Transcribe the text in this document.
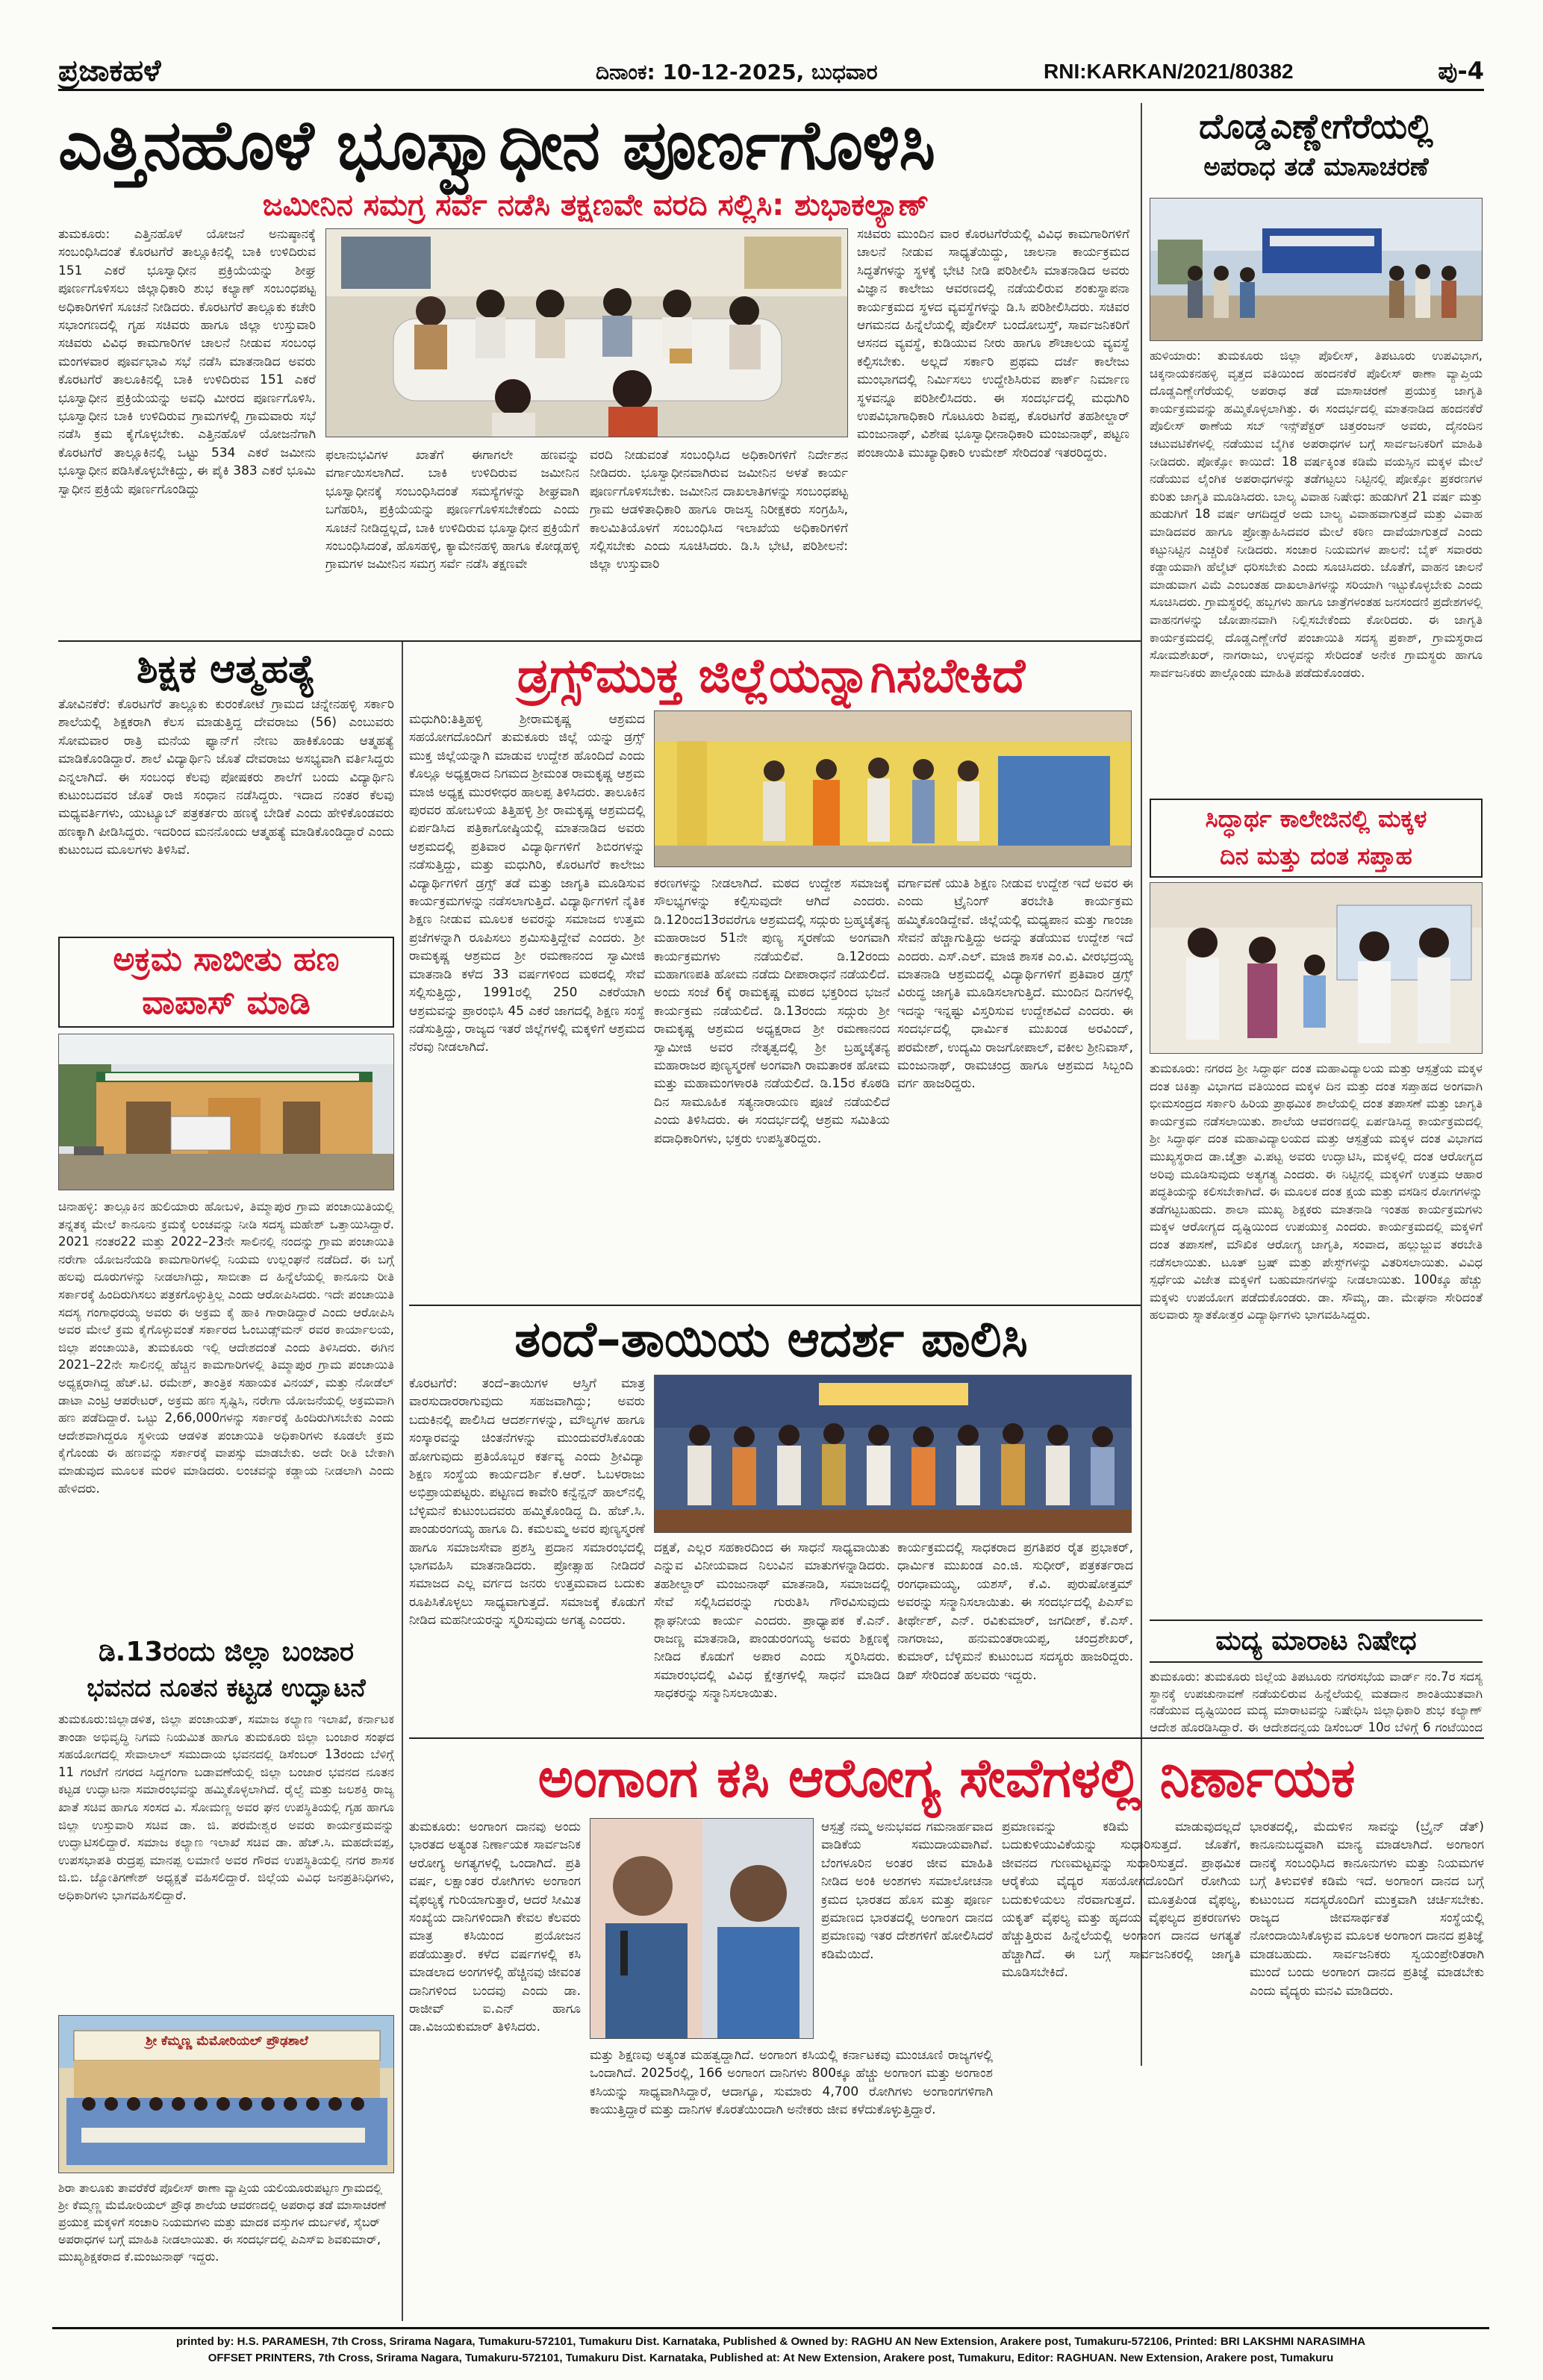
ಪ್ರಜಾಕಹಳೆ	ದಿನಾಂಕ: 10-12-2025, ಬುಧವಾರ	RNI:KARKAN/2021/80382	ಪು-4
ಎತ್ತಿನಹೊಳೆ ಭೂಸ್ವಾಧೀನ ಪೂರ್ಣಗೊಳಿಸಿ
ಜಮೀನಿನ ಸಮಗ್ರ ಸರ್ವೆ ನಡೆಸಿ ತಕ್ಷಣವೇ ವರದಿ ಸಲ್ಲಿಸಿ: ಶುಭಾಕಲ್ಯಾಣ್
ತುಮಕೂರು: ಎತ್ತಿನಹೊಳೆ ಯೋಜನೆ ಅನುಷ್ಠಾನಕ್ಕೆ ಸಂಬಂಧಿಸಿದಂತೆ ಕೊರಟಗೆರೆ ತಾಲ್ಲೂಕಿನಲ್ಲಿ ಬಾಕಿ ಉಳಿದಿರುವ 151 ಎಕರೆ ಭೂಸ್ವಾಧೀನ ಪ್ರಕ್ರಿಯೆಯನ್ನು ಶೀಘ್ರ ಪೂರ್ಣಗೊಳಿಸಲು ಜಿಲ್ಲಾಧಿಕಾರಿ ಶುಭ ಕಲ್ಯಾಣ್ ಸಂಬಂಧಪಟ್ಟ ಅಧಿಕಾರಿಗಳಿಗೆ ಸೂಚನೆ ನೀಡಿದರು. ಕೊರಟಗೆರೆ ತಾಲ್ಲೂಕು ಕಚೇರಿ ಸಭಾಂಗಣದಲ್ಲಿ ಗೃಹ ಸಚಿವರು ಹಾಗೂ ಜಿಲ್ಲಾ ಉಸ್ತುವಾರಿ ಸಚಿವರು ವಿವಿಧ ಕಾಮಗಾರಿಗಳ ಚಾಲನೆ ನೀಡುವ ಸಂಬಂಧ ಮಂಗಳವಾರ ಪೂರ್ವಭಾವಿ ಸಭೆ ನಡೆಸಿ ಮಾತನಾಡಿದ ಅವರು ಕೊರಟಗೆರೆ ತಾಲೂಕಿನಲ್ಲಿ ಬಾಕಿ ಉಳಿದಿರುವ 151 ಎಕರೆ ಭೂಸ್ವಾಧೀನ ಪ್ರಕ್ರಿಯೆಯನ್ನು ಅವಧಿ ಮೀರದ ಪೂರ್ಣಗೊಳಿಸಿ. ಭೂಸ್ವಾಧೀನ ಬಾಕಿ ಉಳಿದಿರುವ ಗ್ರಾಮಗಳಲ್ಲಿ ಗ್ರಾಮವಾರು ಸಭೆ ನಡೆಸಿ ಕ್ರಮ ಕೈಗೊಳ್ಳಬೇಕು. ಎತ್ತಿನಹೊಳೆ ಯೋಜನೆಗಾಗಿ ಕೊರಟಗೆರೆ ತಾಲ್ಲೂಕಿನಲ್ಲಿ ಒಟ್ಟು 534 ಎಕರೆ ಜಮೀನು ಭೂಸ್ವಾಧೀನ ಪಡಿಸಿಕೊಳ್ಳಬೇಕಿದ್ದು, ಈ ಪೈಕಿ 383 ಎಕರೆ ಭೂಮಿ ಸ್ವಾಧೀನ ಪ್ರಕ್ರಿಯೆ ಪೂರ್ಣಗೊಂಡಿದ್ದು
ಫಲಾನುಭವಿಗಳ ಖಾತೆಗೆ ಈಗಾಗಲೇ ಹಣವನ್ನು ವರ್ಗಾಯಿಸಲಾಗಿದೆ. ಬಾಕಿ ಉಳಿದಿರುವ ಜಮೀನಿನ ಭೂಸ್ವಾಧೀನಕ್ಕೆ ಸಂಬಂಧಿಸಿದಂತೆ ಸಮಸ್ಯೆಗಳನ್ನು ಶೀಘ್ರವಾಗಿ ಬಗೆಹರಿಸಿ, ಪ್ರಕ್ರಿಯೆಯನ್ನು ಪೂರ್ಣಗೊಳಿಸಬೇಕೆಂದು ಎಂದು ಸೂಚನೆ ನೀಡಿದ್ದಲ್ಲದೆ, ಬಾಕಿ ಉಳಿದಿರುವ ಭೂಸ್ವಾಧೀನ ಪ್ರಕ್ರಿಯೆಗೆ ಸಂಬಂಧಿಸಿದಂತೆ, ಹೊಸಹಳ್ಳಿ, ಕ್ಯಾಮೇನಹಳ್ಳಿ ಹಾಗೂ ಕೋಡ್ಲಹಳ್ಳಿ ಗ್ರಾಮಗಳ ಜಮೀನಿನ ಸಮಗ್ರ ಸರ್ವೆ ನಡೆಸಿ ತಕ್ಷಣವೇ
ವರದಿ ನೀಡುವಂತೆ ಸಂಬಂಧಿಸಿದ ಅಧಿಕಾರಿಗಳಿಗೆ ನಿರ್ದೇಶನ ನೀಡಿದರು. ಭೂಸ್ವಾಧೀನವಾಗಿರುವ ಜಮೀನಿನ ಅಳತೆ ಕಾರ್ಯ ಪೂರ್ಣಗೊಳಿಸಬೇಕು. ಜಮೀನಿನ ದಾಖಲಾತಿಗಳನ್ನು ಸಂಬಂಧಪಟ್ಟ ಗ್ರಾಮ ಆಡಳಿತಾಧಿಕಾರಿ ಹಾಗೂ ರಾಜಸ್ವ ನಿರೀಕ್ಷಕರು ಸಂಗ್ರಹಿಸಿ, ಕಾಲಮಿತಿಯೊಳಗೆ ಸಂಬಂಧಿಸಿದ ಇಲಾಖೆಯ ಅಧಿಕಾರಿಗಳಿಗೆ ಸಲ್ಲಿಸಬೇಕು ಎಂದು ಸೂಚಿಸಿದರು. ಡಿ.ಸಿ ಭೇಟಿ, ಪರಿಶೀಲನೆ: ಜಿಲ್ಲಾ ಉಸ್ತುವಾರಿ
ಸಚಿವರು ಮುಂದಿನ ವಾರ ಕೊರಟಗೆರೆಯಲ್ಲಿ ವಿವಿಧ ಕಾಮಗಾರಿಗಳಿಗೆ ಚಾಲನೆ ನೀಡುವ ಸಾಧ್ಯತೆಯಿದ್ದು, ಚಾಲನಾ ಕಾರ್ಯಕ್ರಮದ ಸಿದ್ಧತೆಗಳನ್ನು ಸ್ಥಳಕ್ಕೆ ಭೇಟಿ ನೀಡಿ ಪರಿಶೀಲಿಸಿ ಮಾತನಾಡಿದ ಅವರು ವಿಜ್ಞಾನ ಕಾಲೇಜು ಆವರಣದಲ್ಲಿ ನಡೆಯಲಿರುವ ಶಂಕುಸ್ಥಾಪನಾ ಕಾರ್ಯಕ್ರಮದ ಸ್ಥಳದ ವ್ಯವಸ್ಥೆಗಳನ್ನು ಡಿ.ಸಿ ಪರಿಶೀಲಿಸಿದರು. ಸಚಿವರ ಆಗಮನದ ಹಿನ್ನೆಲೆಯಲ್ಲಿ ಪೊಲೀಸ್ ಬಂದೋಬಸ್ತ್, ಸಾರ್ವಜನಿಕರಿಗೆ ಆಸನದ ವ್ಯವಸ್ಥೆ, ಕುಡಿಯುವ ನೀರು ಹಾಗೂ ಶೌಚಾಲಯ ವ್ಯವಸ್ಥೆ ಕಲ್ಪಿಸಬೇಕು. ಅಲ್ಲದೆ ಸರ್ಕಾರಿ ಪ್ರಥಮ ದರ್ಜೆ ಕಾಲೇಜು ಮುಂಭಾಗದಲ್ಲಿ ನಿರ್ಮಿಸಲು ಉದ್ದೇಶಿಸಿರುವ ಪಾರ್ಕ್ ನಿರ್ಮಾಣ ಸ್ಥಳವನ್ನೂ ಪರಿಶೀಲಿಸಿದರು. ಈ ಸಂದರ್ಭದಲ್ಲಿ ಮಧುಗಿರಿ ಉಪವಿಭಾಗಾಧಿಕಾರಿ ಗೊಟೂರು ಶಿವಪ್ಪ, ಕೊರಟಗೆರೆ ತಹಶೀಲ್ದಾರ್ ಮಂಜುನಾಥ್, ವಿಶೇಷ ಭೂಸ್ವಾಧೀನಾಧಿಕಾರಿ ಮಂಜುನಾಥ್, ಪಟ್ಟಣ ಪಂಚಾಯಿತಿ ಮುಖ್ಯಾಧಿಕಾರಿ ಉಮೇಶ್ ಸೇರಿದಂತೆ ಇತರರಿದ್ದರು.
ದೊಡ್ಡಎಣ್ಣೇಗೆರೆಯಲ್ಲಿ
ಅಪರಾಧ ತಡೆ ಮಾಸಾಚರಣೆ
ಹುಳಿಯಾರು: ತುಮಕೂರು ಜಿಲ್ಲಾ ಪೊಲೀಸ್, ತಿಪಟೂರು ಉಪವಿಭಾಗ, ಚಿಕ್ಕನಾಯಕನಹಳ್ಳಿ ವೃತ್ತದ ವತಿಯಿಂದ ಹಂದನಕೆರೆ ಪೊಲೀಸ್ ಠಾಣಾ ವ್ಯಾಪ್ತಿಯ ದೊಡ್ಡಎಣ್ಣೇಗೆರೆಯಲ್ಲಿ ಅಪರಾಧ ತಡೆ ಮಾಸಾಚರಣೆ ಪ್ರಯುಕ್ತ ಜಾಗೃತಿ ಕಾರ್ಯಕ್ರಮವನ್ನು ಹಮ್ಮಿಕೊಳ್ಳಲಾಗಿತ್ತು. ಈ ಸಂದರ್ಭದಲ್ಲಿ ಮಾತನಾಡಿದ ಹಂದನಕೆರೆ ಪೊಲೀಸ್ ಠಾಣೆಯ ಸಬ್ ಇನ್ಸ್‌ಪೆಕ್ಟರ್ ಚಿತ್ತರಂಜನ್ ಅವರು, ದೈನಂದಿನ ಚಟುವಟಿಕೆಗಳಲ್ಲಿ ನಡೆಯುವ ಬೈಗಿಕ ಅಪರಾಧಗಳ ಬಗ್ಗೆ ಸಾರ್ವಜನಿಕರಿಗೆ ಮಾಹಿತಿ ನೀಡಿದರು. ಪೋಕ್ಸೋ ಕಾಯಿದೆ: 18 ವರ್ಷಕ್ಕಿಂತ ಕಡಿಮೆ ವಯಸ್ಸಿನ ಮಕ್ಕಳ ಮೇಲೆ ನಡೆಯುವ ಲೈಂಗಿಕ ಅಪರಾಧಗಳನ್ನು ತಡೆಗಟ್ಟಲು ನಿಟ್ಟಿನಲ್ಲಿ ಪೋಕ್ಸೋ ಪ್ರಕರಣಗಳ ಕುರಿತು ಜಾಗೃತಿ ಮೂಡಿಸಿದರು. ಬಾಲ್ಯ ವಿವಾಹ ನಿಷೇಧ: ಹುಡುಗಿಗೆ 21 ವರ್ಷ ಮತ್ತು ಹುಡುಗಿಗೆ 18 ವರ್ಷ ಆಗದಿದ್ದರೆ ಅದು ಬಾಲ್ಯ ವಿವಾಹವಾಗುತ್ತದೆ ಮತ್ತು ವಿವಾಹ ಮಾಡಿದವರ ಹಾಗೂ ಪ್ರೋತ್ಸಾಹಿಸಿದವರ ಮೇಲೆ ಕಠಿಣ ದಾವೆಯಾಗುತ್ತದೆ ಎಂದು ಕಟ್ಟುನಿಟ್ಟಿನ ಎಚ್ಚರಿಕೆ ನೀಡಿದರು. ಸಂಚಾರ ನಿಯಮಗಳ ಪಾಲನೆ: ಬೈಕ್ ಸವಾರರು ಕಡ್ಡಾಯವಾಗಿ ಹೆಲ್ಮೆಟ್ ಧರಿಸಬೇಕು ಎಂದು ಸೂಚಿಸಿದರು. ಜೊತೆಗೆ, ವಾಹನ ಚಾಲನೆ ಮಾಡುವಾಗ ವಿಮೆ ಎಂಬಂತಹ ದಾಖಲಾತಿಗಳನ್ನು ಸರಿಯಾಗಿ ಇಟ್ಟುಕೊಳ್ಳಬೇಕು ಎಂದು ಸೂಚಿಸಿದರು. ಗ್ರಾಮಸ್ಥರಲ್ಲಿ ಹಬ್ಬಗಳು ಹಾಗೂ ಜಾತ್ರೆಗಳಂತಹ ಜನಸಂದಣಿ ಪ್ರದೇಶಗಳಲ್ಲಿ ವಾಹನಗಳನ್ನು ಜೋಪಾನವಾಗಿ ನಿಲ್ಲಿಸಬೇಕೆಂದು ಕೋರಿದರು. ಈ ಜಾಗೃತಿ ಕಾರ್ಯಕ್ರಮದಲ್ಲಿ ದೊಡ್ಡಎಣ್ಣೇಗೆರೆ ಪಂಚಾಯಿತಿ ಸದಸ್ಯ ಪ್ರಕಾಶ್, ಗ್ರಾಮಸ್ಥರಾದ ಸೋಮಶೇಖರ್, ನಾಗರಾಜು, ಉಳ್ಳವನ್ನು ಸೇರಿದಂತೆ ಅನೇಕ ಗ್ರಾಮಸ್ಥರು ಹಾಗೂ ಸಾರ್ವಜನಿಕರು ಪಾಲ್ಗೊಂಡು ಮಾಹಿತಿ ಪಡೆದುಕೊಂಡರು.
ಶಿಕ್ಷಕ ಆತ್ಮಹತ್ಯೆ
ತೋವಿನಕೆರೆ: ಕೊರಟಗೆರೆ ತಾಲ್ಲೂಕು ಕುರಂಕೋಟೆ ಗ್ರಾಮದ ಚನ್ನೇನಹಳ್ಳಿ ಸರ್ಕಾರಿ ಶಾಲೆಯಲ್ಲಿ ಶಿಕ್ಷಕರಾಗಿ ಕೆಲಸ ಮಾಡುತ್ತಿದ್ದ ದೇವರಾಜು (56) ಎಂಬುವರು ಸೋಮವಾರ ರಾತ್ರಿ ಮನೆಯ ಫ್ಯಾನ್‌ಗೆ ನೇಣು ಹಾಕಿಕೊಂಡು ಆತ್ಮಹತ್ಯೆ ಮಾಡಿಕೊಂಡಿದ್ದಾರೆ. ಶಾಲೆ ವಿದ್ಯಾರ್ಥಿನಿ ಜೊತೆ ದೇವರಾಜು ಅಸಭ್ಯವಾಗಿ ವರ್ತಿಸಿದ್ದರು ಎನ್ನಲಾಗಿದೆ. ಈ ಸಂಬಂಧ ಕೆಲವು ಪೋಷಕರು ಶಾಲೆಗೆ ಬಂದು ವಿದ್ಯಾರ್ಥಿನಿ ಕುಟುಂಬದವರ ಜೊತೆ ರಾಜಿ ಸಂಧಾನ ನಡೆಸಿದ್ದರು. ಇದಾದ ನಂತರ ಕೆಲವು ಮಧ್ಯವರ್ತಿಗಳು, ಯುಟ್ಯೂಬ್ ಪತ್ರಕರ್ತರು ಹಣಕ್ಕೆ ಬೇಡಿಕೆ ಎಂದು ಹೇಳಿಕೊಂಡವರು ಹಣಕ್ಕಾಗಿ ಪೀಡಿಸಿದ್ದರು. ಇದರಿಂದ ಮನನೊಂದು ಆತ್ಮಹತ್ಯೆ ಮಾಡಿಕೊಂಡಿದ್ದಾರೆ ಎಂದು ಕುಟುಂಬದ ಮೂಲಗಳು ತಿಳಿಸಿವೆ.
ಅಕ್ರಮ ಸಾಬೀತು ಹಣ
ವಾಪಾಸ್ ಮಾಡಿ
ಚಿನಾಹಳ್ಳಿ: ತಾಲ್ಲೂಕಿನ ಹುಲಿಯಾರು ಹೋಬಳಿ, ತಿಮ್ಮಾಪುರ ಗ್ರಾಮ ಪಂಚಾಯಿತಿಯಲ್ಲಿ ತನ್ನತಕ್ಕ ಮೇಲೆ ಕಾನೂನು ಕ್ರಮಕ್ಕೆ ಲಂಚವನ್ನು ನೀಡಿ ಸದಸ್ಯ ಮಹೇಶ್ ಒತ್ತಾಯಿಸಿದ್ದಾರೆ. 2021 ನಂತರ22 ಮತ್ತು 2022–23ನೇ ಸಾಲಿನಲ್ಲಿ ನಂದನ್ನು ಗ್ರಾಮ ಪಂಚಾಯಿತಿ ನರೇಗಾ ಯೋಜನೆಯಡಿ ಕಾಮಗಾರಿಗಳಲ್ಲಿ ನಿಯಮ ಉಲ್ಲಂಘನೆ ನಡೆದಿದೆ. ಈ ಬಗ್ಗೆ ಹಲವು ದೂರುಗಳನ್ನು ನೀಡಲಾಗಿದ್ದು, ಸಾಬೀತಾ ದ ಹಿನ್ನೆಲೆಯಲ್ಲಿ ಕಾನೂನು ರೀತಿ ಸರ್ಕಾರಕ್ಕೆ ಹಿಂದಿರುಗಿಸಲು ಪತ್ರಕಗೊಳ್ಳುತ್ತಿಲ್ಲ ಎಂದು ಆರೋಪಿಸಿದರು. ಇದೇ ಪಂಚಾಯಿತಿ ಸದಸ್ಯ ಗಂಗಾಧರಯ್ಯ ಅವರು ಈ ಅಕ್ರಮ ಕೈ ಹಾಕಿ ಗಾರಾಡಿದ್ದಾರೆ ಎಂದು ಆರೋಪಿಸಿ ಅವರ ಮೇಲೆ ಕ್ರಮ ಕೈಗೊಳ್ಳುವಂತೆ ಸರ್ಕಾರದ ಓಂಬುಡ್ಸ್‌ಮನ್ ರವರ ಕಾರ್ಯಾಲಯ, ಜಿಲ್ಲಾ ಪಂಚಾಯಿತಿ, ತುಮಕೂರು ಇಲ್ಲಿ ಆದೇಶದಂತೆ ಎಂದು ತಿಳಿಸಿದರು. ಈಗಿನ 2021–22ನೇ ಸಾಲಿನಲ್ಲಿ ಹೆಚ್ಚಿನ ಕಾಮಗಾರಿಗಳಲ್ಲಿ ತಿಮ್ಮಾಪುರ ಗ್ರಾಮ ಪಂಚಾಯಿತಿ ಅಧ್ಯಕ್ಷರಾಗಿದ್ದ ಹೆಚ್.ಟಿ. ರಮೇಶ್, ತಾಂತ್ರಿಕ ಸಹಾಯಕ ವಿನಯ್, ಮತ್ತು ನೋಡೆಲ್ ಡಾಟಾ ಎಂಟ್ರಿ ಆಪರೇಟರ್, ಅಕ್ರಮ ಹಣ ಸೃಷ್ಟಿಸಿ, ನರೇಗಾ ಯೋಜನೆಯಲ್ಲಿ ಅಕ್ರಮವಾಗಿ ಹಣ ಪಡೆದಿದ್ದಾರೆ. ಒಟ್ಟು 2,66,000ಗಳನ್ನು ಸರ್ಕಾರಕ್ಕೆ ಹಿಂದಿರುಗಿಸಬೇಕು ಎಂದು ಆದೇಶವಾಗಿದ್ದರೂ ಸ್ಥಳೀಯ ಆಡಳಿತ ಪಂಚಾಯಿತಿ ಅಧಿಕಾರಿಗಳು ಕೂಡಲೇ ಕ್ರಮ ಕೈಗೊಂಡು ಈ ಹಣವನ್ನು ಸರ್ಕಾರಕ್ಕೆ ವಾಪಸ್ಸು ಮಾಡಬೇಕು. ಅದೇ ರೀತಿ ಬೇಕಾಗಿ ಮಾಡುವುದ ಮೂಲಕ ಮರಳಿ ಮಾಡಿದರು. ಲಂಚವನ್ನು ಕಡ್ಡಾಯ ನೀಡಲಾಗಿ ಎಂದು ಹೇಳಿದರು.
ಡಿ.13ರಂದು ಜಿಲ್ಲಾ ಬಂಜಾರ
ಭವನದ ನೂತನ ಕಟ್ಟಡ ಉದ್ಘಾಟನೆ
ತುಮಕೂರು:ಜಿಲ್ಲಾಡಳಿತ, ಜಿಲ್ಲಾ ಪಂಚಾಯತ್, ಸಮಾಜ ಕಲ್ಯಾಣ ಇಲಾಖೆ, ಕರ್ನಾಟಕ ತಾಂಡಾ ಅಭಿವೃದ್ಧಿ ನಿಗಮ ನಿಯಮಿತ ಹಾಗೂ ತುಮಕೂರು ಜಿಲ್ಲಾ ಬಂಜಾರ ಸಂಘದ ಸಹಯೋಗದಲ್ಲಿ ಸೇವಾಲಾಲ್ ಸಮುದಾಯ ಭವನದಲ್ಲಿ ಡಿಸೆಂಬರ್ 13ರಂದು ಬೆಳಿಗ್ಗೆ 11 ಗಂಟೆಗೆ ನಗರದ ಸಿದ್ದಗಂಗಾ ಬಡಾವಣೆಯಲ್ಲಿ ಜಿಲ್ಲಾ ಬಂಜಾರ ಭವನದ ನೂತನ ಕಟ್ಟಡ ಉದ್ಘಾಟನಾ ಸಮಾರಂಭವನ್ನು ಹಮ್ಮಿಕೊಳ್ಳಲಾಗಿದೆ. ರೈಲ್ವೆ ಮತ್ತು ಜಲಶಕ್ತಿ ರಾಜ್ಯ ಖಾತೆ ಸಚಿವ ಹಾಗೂ ಸಂಸದ ವಿ. ಸೋಮಣ್ಣ ಅವರ ಘನ ಉಪಸ್ಥಿತಿಯಲ್ಲಿ ಗೃಹ ಹಾಗೂ ಜಿಲ್ಲಾ ಉಸ್ತುವಾರಿ ಸಚಿವ ಡಾ. ಜಿ. ಪರಮೇಶ್ವರ ಅವರು ಕಾರ್ಯಕ್ರಮವನ್ನು ಉದ್ಘಾಟಿಸಲಿದ್ದಾರೆ. ಸಮಾಜ ಕಲ್ಯಾಣ ಇಲಾಖೆ ಸಚಿವ ಡಾ. ಹೆಚ್.ಸಿ. ಮಹದೇವಪ್ಪ, ಉಪಸಭಾಪತಿ ರುದ್ರಪ್ಪ ಮಾನಪ್ಪ ಲಮಾಣಿ ಅವರ ಗೌರವ ಉಪಸ್ಥಿತಿಯಲ್ಲಿ ನಗರ ಶಾಸಕ ಜಿ.ಬಿ. ಜ್ಯೋತಿಗಣೇಶ್ ಅಧ್ಯಕ್ಷತೆ ವಹಿಸಲಿದ್ದಾರೆ. ಜಿಲ್ಲೆಯ ವಿವಿಧ ಜನಪ್ರತಿನಿಧಿಗಳು, ಅಧಿಕಾರಿಗಳು ಭಾಗವಹಿಸಲಿದ್ದಾರೆ.
ಶ್ರೀ ಕೆಮ್ಮಣ್ಣ ಮೆಮೋರಿಯಲ್ ಪ್ರೌಢಶಾಲೆ
ಶಿರಾ ತಾಲೂಕು ತಾವರೆಕೆರೆ ಪೊಲೀಸ್ ಠಾಣಾ ವ್ಯಾಪ್ತಿಯ ಯಲಿಯೂರುಪಟ್ಟಣ ಗ್ರಾಮದಲ್ಲಿ ಶ್ರೀ ಕೆಮ್ಮಣ್ಣ ಮೆಮೋರಿಯಲ್ ಪ್ರೌಢ ಶಾಲೆಯ ಆವರಣದಲ್ಲಿ ಅಪರಾಧ ತಡೆ ಮಾಸಾಚರಣೆ ಪ್ರಯುಕ್ತ ಮಕ್ಕಳಿಗೆ ಸಂಚಾರಿ ನಿಯಮಗಳು ಮತ್ತು ಮಾದಕ ವಸ್ತುಗಳ ದುರ್ಬಳಕೆ, ಸೈಬರ್ ಅಪರಾಧಗಳ ಬಗ್ಗೆ ಮಾಹಿತಿ ನೀಡಲಾಯಿತು. ಈ ಸಂದರ್ಭದಲ್ಲಿ ಪಿಎಸ್‌ಐ ಶಿವಕುಮಾರ್, ಮುಖ್ಯಶಿಕ್ಷಕರಾದ ಕೆ.ಮಂಜುನಾಥ್ ಇದ್ದರು.
ಡ್ರಗ್ಸ್‌ಮುಕ್ತ ಜಿಲ್ಲೆಯನ್ನಾಗಿಸಬೇಕಿದೆ
ಮಧುಗಿರಿ:ತಿತ್ತಿಹಳ್ಳಿ ಶ್ರೀರಾಮಕೃಷ್ಣ ಆಶ್ರಮದ ಸಹಯೋಗದೊಂದಿಗೆ ತುಮಕೂರು ಜಿಲ್ಲೆ ಯನ್ನು ಡ್ರಗ್ಸ್ ಮುಕ್ತ ಜಿಲ್ಲೆಯನ್ನಾಗಿ ಮಾಡುವ ಉದ್ದೇಶ ಹೊಂದಿದೆ ಎಂದು ಕೊಲ್ಲೂ ಅಧ್ಯಕ್ಷರಾದ ನಿಗಮದ ಶ್ರೀಮಂತ ರಾಮಕೃಷ್ಣ ಆಶ್ರಮ ಮಾಜಿ ಅಧ್ಯಕ್ಷ ಮುರಳೀಧರ ಹಾಲಪ್ಪ ತಿಳಿಸಿದರು. ತಾಲೂಕಿನ ಪುರವರ ಹೋಬಳಿಯ ತಿತ್ತಿಹಳ್ಳಿ ಶ್ರೀ ರಾಮಕೃಷ್ಣ ಆಶ್ರಮದಲ್ಲಿ ಏರ್ಪಡಿಸಿದ ಪತ್ರಿಕಾಗೋಷ್ಠಿಯಲ್ಲಿ ಮಾತನಾಡಿದ ಅವರು ಆಶ್ರಮದಲ್ಲಿ ಪ್ರತಿವಾರ ವಿದ್ಯಾರ್ಥಿಗಳಿಗೆ ಶಿಬಿರಗಳನ್ನು ನಡೆಸುತ್ತಿದ್ದು, ಮತ್ತು ಮಧುಗಿರಿ, ಕೊರಟಗೆರೆ ಕಾಲೇಜು ವಿದ್ಯಾರ್ಥಿಗಳಿಗೆ ಡ್ರಗ್ಸ್ ತಡೆ ಮತ್ತು ಜಾಗೃತಿ ಮೂಡಿಸುವ ಕಾರ್ಯಕ್ರಮಗಳನ್ನು ನಡೆಸಲಾಗುತ್ತಿದೆ. ವಿದ್ಯಾರ್ಥಿಗಳಿಗೆ ನೈತಿಕ ಶಿಕ್ಷಣ ನೀಡುವ ಮೂಲಕ ಅವರನ್ನು ಸಮಾಜದ ಉತ್ತಮ ಪ್ರಜೆಗಳನ್ನಾಗಿ ರೂಪಿಸಲು ಶ್ರಮಿಸುತ್ತಿದ್ದೇವೆ ಎಂದರು. ಶ್ರೀ ರಾಮಕೃಷ್ಣ ಆಶ್ರಮದ ಶ್ರೀ ರಮಣಾನಂದ ಸ್ವಾಮೀಜಿ ಮಾತನಾಡಿ ಕಳೆದ 33 ವರ್ಷಗಳಿಂದ ಮಠದಲ್ಲಿ ಸೇವೆ ಸಲ್ಲಿಸುತ್ತಿದ್ದು, 1991ರಲ್ಲಿ 250 ಎಕರೆಯಾಗಿ ಆಶ್ರಮವನ್ನು ಪ್ರಾರಂಭಿಸಿ 45 ಎಕರೆ ಜಾಗದಲ್ಲಿ ಶಿಕ್ಷಣ ಸಂಸ್ಥೆ ನಡೆಸುತ್ತಿದ್ದು, ರಾಜ್ಯದ ಇತರೆ ಜಿಲ್ಲೆಗಳಲ್ಲಿ ಮಕ್ಕಳಿಗೆ ಆಶ್ರಮದ ನೆರವು ನೀಡಲಾಗಿದೆ.
ಕರಣಗಳನ್ನು ನೀಡಲಾಗಿದೆ. ಮಠದ ಉದ್ದೇಶ ಸಮಾಜಕ್ಕೆ ಸೌಲಭ್ಯಗಳನ್ನು ಕಲ್ಪಿಸುವುದೇ ಆಗಿದೆ ಎಂದರು. ಡಿ.12ರಿಂದ13ರವರೆಗೂ ಆಶ್ರಮದಲ್ಲಿ ಸದ್ಗುರು ಬ್ರಹ್ಮಚೈತನ್ಯ ಮಹಾರಾಜರ 51ನೇ ಪುಣ್ಯ ಸ್ಮರಣೆಯ ಅಂಗವಾಗಿ ಕಾರ್ಯಕ್ರಮಗಳು ನಡೆಯಲಿವೆ. ಡಿ.12ರಂದು ಮಹಾಗಣಪತಿ ಹೋಮ ನಡೆದು ದೀಪಾರಾಧನೆ ನಡೆಯಲಿದೆ. ಅಂದು ಸಂಜೆ 6ಕ್ಕೆ ರಾಮಕೃಷ್ಣ ಮಠದ ಭಕ್ತರಿಂದ ಭಜನೆ ಕಾರ್ಯಕ್ರಮ ನಡೆಯಲಿದೆ. ಡಿ.13ರಂದು ಸದ್ಗುರು ಶ್ರೀ ರಾಮಕೃಷ್ಣ ಆಶ್ರಮದ ಅಧ್ಯಕ್ಷರಾದ ಶ್ರೀ ರಮಣಾನಂದ ಸ್ವಾಮೀಜಿ ಅವರ ನೇತೃತ್ವದಲ್ಲಿ ಶ್ರೀ ಬ್ರಹ್ಮಚೈತನ್ಯ ಮಹಾರಾಜರ ಪುಣ್ಯಸ್ಮರಣೆ ಅಂಗವಾಗಿ ರಾಮತಾರಕ ಹೋಮ ಮತ್ತು ಮಹಾಮಂಗಳಾರತಿ ನಡೆಯಲಿದೆ. ಡಿ.15ರ ಕೊಠಡಿ ದಿನ ಸಾಮೂಹಿಕ ಸತ್ಯನಾರಾಯಣ ಪೂಜೆ ನಡೆಯಲಿದೆ ಎಂದು ತಿಳಿಸಿದರು. ಈ ಸಂದರ್ಭದಲ್ಲಿ ಆಶ್ರಮ ಸಮಿತಿಯ ಪದಾಧಿಕಾರಿಗಳು, ಭಕ್ತರು ಉಪಸ್ಥಿತರಿದ್ದರು.
ವರ್ಗಾವಣೆ ಯುತಿ ಶಿಕ್ಷಣ ನೀಡುವ ಉದ್ದೇಶ ಇದೆ ಅವರ ಈ ಎಂದು ಟ್ರೈನಿಂಗ್ ತರಬೇತಿ ಕಾರ್ಯಕ್ರಮ ಹಮ್ಮಿಕೊಂಡಿದ್ದೇವೆ. ಜಿಲ್ಲೆಯಲ್ಲಿ ಮಧ್ಯಪಾನ ಮತ್ತು ಗಾಂಜಾ ಸೇವನೆ ಹೆಚ್ಚಾಗುತ್ತಿದ್ದು ಅದನ್ನು ತಡೆಯುವ ಉದ್ದೇಶ ಇದೆ ಎಂದರು. ಎಸ್.ಎಲ್. ಮಾಜಿ ಶಾಸಕ ಎಂ.ವಿ. ವೀರಭದ್ರಯ್ಯ ಮಾತನಾಡಿ ಆಶ್ರಮದಲ್ಲಿ ವಿದ್ಯಾರ್ಥಿಗಳಿಗೆ ಪ್ರತಿವಾರ ಡ್ರಗ್ಸ್ ವಿರುದ್ಧ ಜಾಗೃತಿ ಮೂಡಿಸಲಾಗುತ್ತಿದೆ. ಮುಂದಿನ ದಿನಗಳಲ್ಲಿ ಇದನ್ನು ಇನ್ನಷ್ಟು ವಿಸ್ತರಿಸುವ ಉದ್ದೇಶವಿದೆ ಎಂದರು. ಈ ಸಂದರ್ಭದಲ್ಲಿ ಧಾರ್ಮಿಕ ಮುಖಂಡ ಅರವಿಂದ್, ಪರಮೇಶ್, ಉದ್ಯಮಿ ರಾಜಗೋಪಾಲ್, ವಕೀಲ ಶ್ರೀನಿವಾಸ್, ಮಂಜುನಾಥ್, ರಾಮಚಂದ್ರ ಹಾಗೂ ಆಶ್ರಮದ ಸಿಬ್ಬಂದಿ ವರ್ಗ ಹಾಜರಿದ್ದರು.
ತಂದೆ–ತಾಯಿಯ ಆದರ್ಶ ಪಾಲಿಸಿ
ಕೊರಟಗೆರೆ: ತಂದೆ–ತಾಯಿಗಳ ಆಸ್ತಿಗೆ ಮಾತ್ರ ವಾರಸುದಾರರಾಗುವುದು ಸಹಜವಾಗಿದ್ದು; ಅವರು ಬದುಕಿನಲ್ಲಿ ಪಾಲಿಸಿದ ಆದರ್ಶಗಳನ್ನು, ಮೌಲ್ಯಗಳ ಹಾಗೂ ಸಂಸ್ಕಾರವನ್ನು ಚಿಂತನೆಗಳನ್ನು ಮುಂದುವರೆಸಿಕೊಂಡು ಹೋಗುವುದು ಪ್ರತಿಯೊಬ್ಬರ ಕರ್ತವ್ಯ ಎಂದು ಶ್ರೀವಿದ್ಯಾ ಶಿಕ್ಷಣ ಸಂಸ್ಥೆಯ ಕಾರ್ಯದರ್ಶಿ ಕೆ.ಆರ್. ಓಬಳರಾಜು ಅಭಿಪ್ರಾಯಪಟ್ಟರು. ಪಟ್ಟಣದ ಕಾವೇರಿ ಕನ್ವೆನ್ಷನ್ ಹಾಲ್‌ನಲ್ಲಿ ಬೆಳ್ಳಿಮನೆ ಕುಟುಂಬದವರು ಹಮ್ಮಿಕೊಂಡಿದ್ದ ದಿ. ಹೆಚ್.ಸಿ. ಪಾಂಡುರಂಗಯ್ಯ ಹಾಗೂ ದಿ. ಕಮಲಮ್ಮ ಅವರ ಪುಣ್ಯಸ್ಮರಣೆ ಹಾಗೂ ಸಮಾಜಸೇವಾ ಪ್ರಶಸ್ತಿ ಪ್ರದಾನ ಸಮಾರಂಭದಲ್ಲಿ ಭಾಗವಹಿಸಿ ಮಾತನಾಡಿದರು. ಪ್ರೋತ್ಸಾಹ ನೀಡಿದರೆ ಸಮಾಜದ ಎಲ್ಲ ವರ್ಗದ ಜನರು ಉತ್ತಮವಾದ ಬದುಕು ರೂಪಿಸಿಕೊಳ್ಳಲು ಸಾಧ್ಯವಾಗುತ್ತದೆ. ಸಮಾಜಕ್ಕೆ ಕೊಡುಗೆ ನೀಡಿದ ಮಹನೀಯರನ್ನು ಸ್ಮರಿಸುವುದು ಅಗತ್ಯ ಎಂದರು.
ದಕ್ಷತೆ, ಎಲ್ಲರ ಸಹಕಾರದಿಂದ ಈ ಸಾಧನೆ ಸಾಧ್ಯವಾಯಿತು ಎನ್ನುವ ವಿನೀಯವಾದ ನಿಲುವಿನ ಮಾತುಗಳನ್ನಾಡಿದರು. ತಹಶೀಲ್ದಾರ್ ಮಂಜುನಾಥ್ ಮಾತನಾಡಿ, ಸಮಾಜದಲ್ಲಿ ಸೇವೆ ಸಲ್ಲಿಸಿದವರನ್ನು ಗುರುತಿಸಿ ಗೌರವಿಸುವುದು ಶ್ಲಾಘನೀಯ ಕಾರ್ಯ ಎಂದರು. ಪ್ರಾಧ್ಯಾಪಕ ಕೆ.ಎನ್. ರಾಜಣ್ಣ ಮಾತನಾಡಿ, ಪಾಂಡುರಂಗಯ್ಯ ಅವರು ಶಿಕ್ಷಣಕ್ಕೆ ನೀಡಿದ ಕೊಡುಗೆ ಅಪಾರ ಎಂದು ಸ್ಮರಿಸಿದರು. ಸಮಾರಂಭದಲ್ಲಿ ವಿವಿಧ ಕ್ಷೇತ್ರಗಳಲ್ಲಿ ಸಾಧನೆ ಮಾಡಿದ ಸಾಧಕರನ್ನು ಸನ್ಮಾನಿಸಲಾಯಿತು.
ಕಾರ್ಯಕ್ರಮದಲ್ಲಿ ಸಾಧಕರಾದ ಪ್ರಗತಿಪರ ರೈತ ಪ್ರಭಾಕರ್, ಧಾರ್ಮಿಕ ಮುಖಂಡ ಎಂ.ಜಿ. ಸುಧೀರ್, ಪತ್ರಕರ್ತರಾದ ರಂಗಧಾಮಯ್ಯ, ಯಶಸ್, ಕೆ.ವಿ. ಪುರುಷೋತ್ತಮ್ ಅವರನ್ನು ಸನ್ಮಾನಿಸಲಾಯಿತು. ಈ ಸಂದರ್ಭದಲ್ಲಿ ಪಿಎಸ್ಐ ತೀರ್ಥೇಶ್, ಎನ್. ರವಿಕುಮಾರ್, ಜಗದೀಶ್, ಕೆ.ಎಸ್. ನಾಗರಾಜು, ಹನುಮಂತರಾಯಪ್ಪ, ಚಂದ್ರಶೇಖರ್, ಕುಮಾರ್, ಬೆಳ್ಳಿಮನೆ ಕುಟುಂಬದ ಸದಸ್ಯರು ಹಾಜರಿದ್ದರು. ಡಿಪ್ ಸೇರಿದಂತೆ ಹಲವರು ಇದ್ದರು.
ಸಿದ್ಧಾರ್ಥ ಕಾಲೇಜಿನಲ್ಲಿ ಮಕ್ಕಳ
ದಿನ ಮತ್ತು ದಂತ ಸಪ್ತಾಹ
ತುಮಕೂರು: ನಗರದ ಶ್ರೀ ಸಿದ್ಧಾರ್ಥ ದಂತ ಮಹಾವಿದ್ಯಾಲಯ ಮತ್ತು ಆಸ್ಪತ್ರೆಯ ಮಕ್ಕಳ ದಂತ ಚಿಕಿತ್ಸಾ ವಿಭಾಗದ ವತಿಯಿಂದ ಮಕ್ಕಳ ದಿನ ಮತ್ತು ದಂತ ಸಪ್ತಾಹದ ಅಂಗವಾಗಿ ಭೀಮಸಂದ್ರದ ಸರ್ಕಾರಿ ಹಿರಿಯ ಪ್ರಾಥಮಿಕ ಶಾಲೆಯಲ್ಲಿ ದಂತ ತಪಾಸಣೆ ಮತ್ತು ಜಾಗೃತಿ ಕಾರ್ಯಕ್ರಮ ನಡೆಸಲಾಯಿತು. ಶಾಲೆಯ ಆವರಣದಲ್ಲಿ ಏರ್ಪಡಿಸಿದ್ದ ಕಾರ್ಯಕ್ರಮದಲ್ಲಿ ಶ್ರೀ ಸಿದ್ಧಾರ್ಥ ದಂತ ಮಹಾವಿದ್ಯಾಲಯದ ಮತ್ತು ಆಸ್ಪತ್ರೆಯ ಮಕ್ಕಳ ದಂತ ವಿಭಾಗದ ಮುಖ್ಯಸ್ಥರಾದ ಡಾ.ಚೈತ್ರಾ ವಿ.ಪಟ್ಟ ಅವರು ಉದ್ಘಾಟಿಸಿ, ಮಕ್ಕಳಲ್ಲಿ ದಂತ ಆರೋಗ್ಯದ ಅರಿವು ಮೂಡಿಸುವುದು ಅತ್ಯಗತ್ಯ ಎಂದರು. ಈ ನಿಟ್ಟಿನಲ್ಲಿ ಮಕ್ಕಳಿಗೆ ಉತ್ತಮ ಆಹಾರ ಪದ್ಧತಿಯನ್ನು ಕಲಿಸಬೇಕಾಗಿದೆ. ಈ ಮೂಲಕ ದಂತ ಕ್ಷಯ ಮತ್ತು ವಸಡಿನ ರೋಗಗಳನ್ನು ತಡೆಗಟ್ಟಬಹುದು. ಶಾಲಾ ಮುಖ್ಯ ಶಿಕ್ಷಕರು ಮಾತನಾಡಿ ಇಂತಹ ಕಾರ್ಯಕ್ರಮಗಳು ಮಕ್ಕಳ ಆರೋಗ್ಯದ ದೃಷ್ಟಿಯಿಂದ ಉಪಯುಕ್ತ ಎಂದರು. ಕಾರ್ಯಕ್ರಮದಲ್ಲಿ ಮಕ್ಕಳಿಗೆ ದಂತ ತಪಾಸಣೆ, ಮೌಖಿಕ ಆರೋಗ್ಯ ಜಾಗೃತಿ, ಸಂವಾದ, ಹಲ್ಲುಜ್ಜುವ ತರಬೇತಿ ನಡೆಸಲಾಯಿತು. ಟೂತ್ ಬ್ರಷ್ ಮತ್ತು ಪೇಸ್ಟ್‌ಗಳನ್ನು ವಿತರಿಸಲಾಯಿತು. ವಿವಿಧ ಸ್ಪರ್ಧೆಯ ವಿಜೇತ ಮಕ್ಕಳಿಗೆ ಬಹುಮಾನಗಳನ್ನು ನೀಡಲಾಯಿತು. 100ಕ್ಕೂ ಹೆಚ್ಚು ಮಕ್ಕಳು ಉಪಯೋಗ ಪಡೆದುಕೊಂಡರು. ಡಾ. ಸೌಮ್ಯ, ಡಾ. ಮೇಘನಾ ಸೇರಿದಂತೆ ಹಲವಾರು ಸ್ನಾತಕೋತ್ತರ ವಿದ್ಯಾರ್ಥಿಗಳು ಭಾಗವಹಿಸಿದ್ದರು.
ಮದ್ಯ ಮಾರಾಟ ನಿಷೇಧ
ತುಮಕೂರು: ತುಮಕೂರು ಜಿಲ್ಲೆಯ ತಿಪಟೂರು ನಗರಸಭೆಯ ವಾರ್ಡ್ ನಂ.7ರ ಸದಸ್ಯ ಸ್ಥಾನಕ್ಕೆ ಉಪಚುನಾವಣೆ ನಡೆಯಲಿರುವ ಹಿನ್ನೆಲೆಯಲ್ಲಿ ಮತದಾನ ಶಾಂತಿಯುತವಾಗಿ ನಡೆಯುವ ದೃಷ್ಟಿಯಿಂದ ಮದ್ಯ ಮಾರಾಟವನ್ನು ನಿಷೇಧಿಸಿ ಜಿಲ್ಲಾಧಿಕಾರಿ ಶುಭ ಕಲ್ಯಾಣ್ ಆದೇಶ ಹೊರಡಿಸಿದ್ದಾರೆ. ಈ ಆದೇಶದನ್ವಯ ಡಿಸೆಂಬರ್ 10ರ ಬೆಳಿಗ್ಗೆ 6 ಗಂಟೆಯಿಂದ
ಅಂಗಾಂಗ ಕಸಿ ಆರೋಗ್ಯ ಸೇವೆಗಳಲ್ಲಿ ನಿರ್ಣಾಯಕ
ತುಮಕೂರು: ಅಂಗಾಂಗ ದಾನವು ಅಂದು ಭಾರತದ ಅತ್ಯಂತ ನಿರ್ಣಾಯಕ ಸಾರ್ವಜನಿಕ ಆರೋಗ್ಯ ಅಗತ್ಯಗಳಲ್ಲಿ ಒಂದಾಗಿದೆ. ಪ್ರತಿ ವರ್ಷ, ಲಕ್ಷಾಂತರ ರೋಗಿಗಳು ಅಂಗಾಂಗ ವೈಫಲ್ಯಕ್ಕೆ ಗುರಿಯಾಗುತ್ತಾರೆ, ಆದರೆ ಸೀಮಿತ ಸಂಖ್ಯೆಯ ದಾನಿಗಳಿಂದಾಗಿ ಕೇವಲ ಕೆಲವರು ಮಾತ್ರ ಕಸಿಯಿಂದ ಪ್ರಯೋಜನ ಪಡೆಯುತ್ತಾರೆ. ಕಳೆದ ವರ್ಷಗಳಲ್ಲಿ ಕಸಿ ಮಾಡಲಾದ ಅಂಗಗಳಲ್ಲಿ ಹೆಚ್ಚಿನವು ಜೀವಂತ ದಾನಿಗಳಿಂದ ಬಂದವು ಎಂದು ಡಾ. ರಾಜೀವ್ ಐ.ಎನ್ ಹಾಗೂ ಡಾ.ವಿಜಯಕುಮಾರ್ ತಿಳಿಸಿದರು.
ಆಸ್ಪತ್ರೆ ನಮ್ಮ ಅನುಭವದ ಗಮನಾರ್ಹವಾದ ವಾಡಿಕೆಯ ಸಮುದಾಯವಾಗಿವೆ. ಬೆಂಗಳೂರಿನ ಅಂತರ ಜೀವ ಮಾಹಿತಿ ನೀಡಿದ ಅಂಕಿ ಅಂಶಗಳು ಸಮಾಲೋಚನಾ ಕ್ರಮದ ಭಾರತದ ಹೊಸ ಮತ್ತು ಪೂರ್ಣ ಪ್ರಮಾಣದ ಭಾರತದಲ್ಲಿ ಅಂಗಾಂಗ ದಾನದ ಪ್ರಮಾಣವು ಇತರ ದೇಶಗಳಿಗೆ ಹೋಲಿಸಿದರೆ ಕಡಿಮೆಯಿದೆ.
ಮತ್ತು ಶಿಕ್ಷಣವು ಅತ್ಯಂತ ಮಹತ್ವದ್ದಾಗಿದೆ. ಅಂಗಾಂಗ ಕಸಿಯಲ್ಲಿ ಕರ್ನಾಟಕವು ಮುಂಚೂಣಿ ರಾಜ್ಯಗಳಲ್ಲಿ ಒಂದಾಗಿದೆ. 2025ರಲ್ಲಿ, 166 ಅಂಗಾಂಗ ದಾನಿಗಳು 800ಕ್ಕೂ ಹೆಚ್ಚು ಅಂಗಾಂಗ ಮತ್ತು ಅಂಗಾಂಶ ಕಸಿಯನ್ನು ಸಾಧ್ಯವಾಗಿಸಿದ್ದಾರೆ, ಆದಾಗ್ಯೂ, ಸುಮಾರು 4,700 ರೋಗಿಗಳು ಅಂಗಾಂಗಗಳಿಗಾಗಿ ಕಾಯುತ್ತಿದ್ದಾರೆ ಮತ್ತು ದಾನಿಗಳ ಕೊರತೆಯಿಂದಾಗಿ ಅನೇಕರು ಜೀವ ಕಳೆದುಕೊಳ್ಳುತ್ತಿದ್ದಾರೆ.
ಪ್ರಮಾಣವನ್ನು ಕಡಿಮೆ ಮಾಡುವುದಲ್ಲದೆ ಬದುಕುಳಿಯುವಿಕೆಯನ್ನು ಸುಧಾರಿಸುತ್ತದೆ. ಜೊತೆಗೆ, ಜೀವನದ ಗುಣಮಟ್ಟವನ್ನು ಸುಧಾರಿಸುತ್ತದೆ. ಪ್ರಾಥಮಿಕ ಆರೈಕೆಯ ವೈದ್ಯರ ಸಹಯೋಗದೊಂದಿಗೆ ರೋಗಿಯ ಬದುಕುಳಿಯಲು ನೆರವಾಗುತ್ತದೆ. ಮೂತ್ರಪಿಂಡ ವೈಫಲ್ಯ, ಯಕೃತ್ ವೈಫಲ್ಯ ಮತ್ತು ಹೃದಯ ವೈಫಲ್ಯದ ಪ್ರಕರಣಗಳು ಹೆಚ್ಚುತ್ತಿರುವ ಹಿನ್ನೆಲೆಯಲ್ಲಿ ಅಂಗಾಂಗ ದಾನದ ಅಗತ್ಯತೆ ಹೆಚ್ಚಾಗಿದೆ. ಈ ಬಗ್ಗೆ ಸಾರ್ವಜನಿಕರಲ್ಲಿ ಜಾಗೃತಿ ಮೂಡಿಸಬೇಕಿದೆ.
ಭಾರತದಲ್ಲಿ, ಮೆದುಳಿನ ಸಾವನ್ನು (ಬ್ರೈನ್ ಡೆತ್) ಕಾನೂನುಬದ್ಧವಾಗಿ ಮಾನ್ಯ ಮಾಡಲಾಗಿದೆ. ಅಂಗಾಂಗ ದಾನಕ್ಕೆ ಸಂಬಂಧಿಸಿದ ಕಾನೂನುಗಳು ಮತ್ತು ನಿಯಮಗಳ ಬಗ್ಗೆ ತಿಳುವಳಿಕೆ ಕಡಿಮೆ ಇದೆ. ಅಂಗಾಂಗ ದಾನದ ಬಗ್ಗೆ ಕುಟುಂಬದ ಸದಸ್ಯರೊಂದಿಗೆ ಮುಕ್ತವಾಗಿ ಚರ್ಚಿಸಬೇಕು. ರಾಜ್ಯದ ಜೀವಸಾರ್ಥಕತೆ ಸಂಸ್ಥೆಯಲ್ಲಿ ನೋಂದಾಯಿಸಿಕೊಳ್ಳುವ ಮೂಲಕ ಅಂಗಾಂಗ ದಾನದ ಪ್ರತಿಜ್ಞೆ ಮಾಡಬಹುದು. ಸಾರ್ವಜನಿಕರು ಸ್ವಯಂಪ್ರೇರಿತರಾಗಿ ಮುಂದೆ ಬಂದು ಅಂಗಾಂಗ ದಾನದ ಪ್ರತಿಜ್ಞೆ ಮಾಡಬೇಕು ಎಂದು ವೈದ್ಯರು ಮನವಿ ಮಾಡಿದರು.
printed by: H.S. PARAMESH, 7th Cross, Srirama Nagara, Tumakuru-572101, Tumakuru Dist. Karnataka, Published & Owned by: RAGHU AN New Extension, Arakere post, Tumakuru-572106, Printed: BRI LAKSHMI NARASIMHA
OFFSET PRINTERS, 7th Cross, Srirama Nagara, Tumakuru-572101, Tumakuru Dist. Karnataka, Published at: At New Extension, Arakere post, Tumakuru, Editor: RAGHUAN. New Extension, Arakere post, Tumakuru
